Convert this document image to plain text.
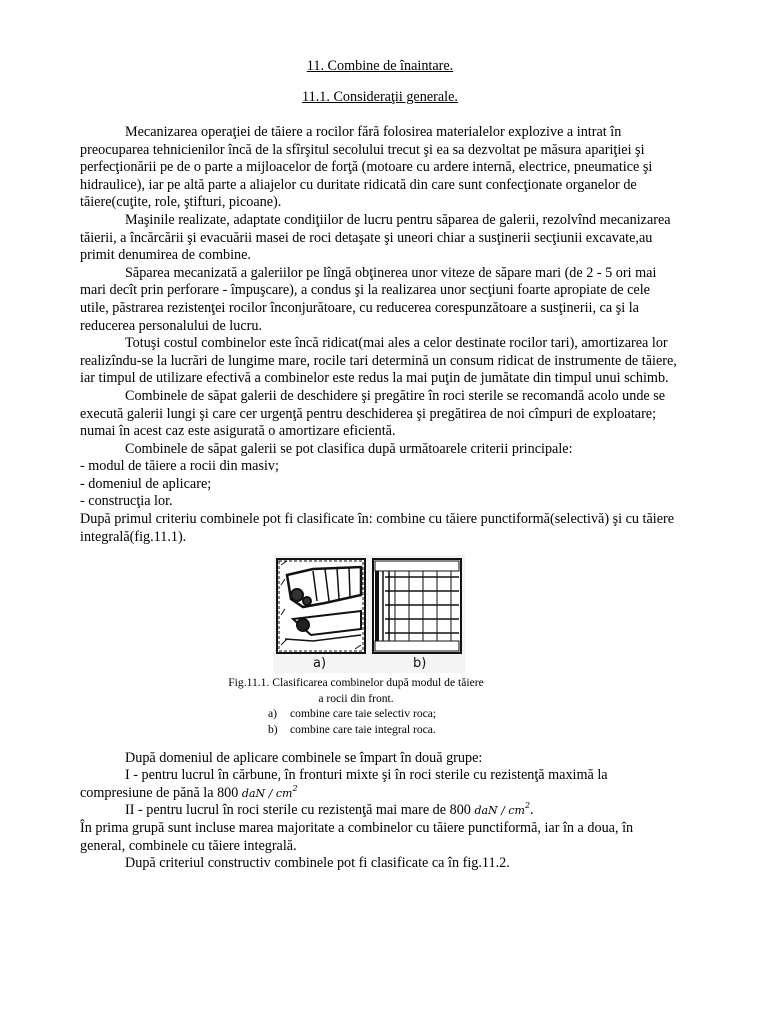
11. Combine de înaintare.
11.1. Consideraţii generale.

Mecanizarea operaţiei de tăiere a rocilor fără folosirea materialelor explozive a intrat în preocuparea tehnicienilor încă de la sfîrşitul secolului trecut şi ea sa dezvoltat pe măsura apariţiei şi perfecţionării pe de o parte a mijloacelor de forţă (motoare cu ardere internă, electrice, pneumatice şi hidraulice), iar pe altă parte a aliajelor cu duritate ridicată din care sunt confecţionate organelor de tăiere(cuţite, role, ştifturi, picoane).

Maşinile realizate, adaptate condiţiilor de lucru pentru săparea de galerii, rezolvînd mecanizarea tăierii, a încărcării şi evacuării masei de roci detaşate şi uneori chiar a susţinerii secţiunii excavate,au primit denumirea de combine.

Săparea mecanizată a galeriilor pe lîngă obţinerea unor viteze de săpare mari (de 2 - 5 ori mai mari decît prin perforare - împuşcare), a condus şi la realizarea unor secţiuni foarte apropiate de cele utile, păstrarea rezistenţei rocilor înconjurătoare, cu reducerea corespunzătoare a susţinerii, ca şi la reducerea personalului de lucru.

Totuşi costul combinelor este încă ridicat(mai ales a celor destinate rocilor tari), amortizarea lor realizîndu-se la lucrări de lungime mare, rocile tari determină un consum ridicat de instrumente de tăiere, iar timpul de utilizare efectivă a combinelor este redus la mai puţin de jumătate din timpul unui schimb.

Combinele de săpat galerii de deschidere şi pregătire în roci sterile se recomandă acolo unde se execută galerii lungi şi care cer urgenţă pentru deschiderea şi pregătirea de noi cîmpuri de exploatare; numai în acest caz este asigurată o amortizare eficientă.

Combinele de săpat galerii se pot clasifica după următoarele criterii principale:

- modul de tăiere a rocii din masiv;

- domeniul de aplicare;

- construcţia lor.

După primul criteriu combinele pot fi clasificate în: combine cu tăiere punctiformă(selectivă) şi cu tăiere integrală(fig.11.1).

a)	b)
Fig.11.1. Clasificarea combinelor după modul de tăiere
a rocii din front.
a) combine care taie selectiv roca;
b) combine care taie integral roca.

După domeniul de aplicare combinele se împart în două grupe:

I - pentru lucrul în cărbune, în fronturi mixte şi în roci sterile cu rezistenţă maximă la compresiune de pănă la 800 daN / $cm^2$

II - pentru lucrul în roci sterile cu rezistenţă mai mare de 800 daN / $cm^2$.

În prima grupă sunt incluse marea majoritate a combinelor cu tăiere punctiformă, iar în a doua, în general, combinele cu tăiere integrală.

După criteriul constructiv combinele pot fi clasificate ca în fig.11.2.
